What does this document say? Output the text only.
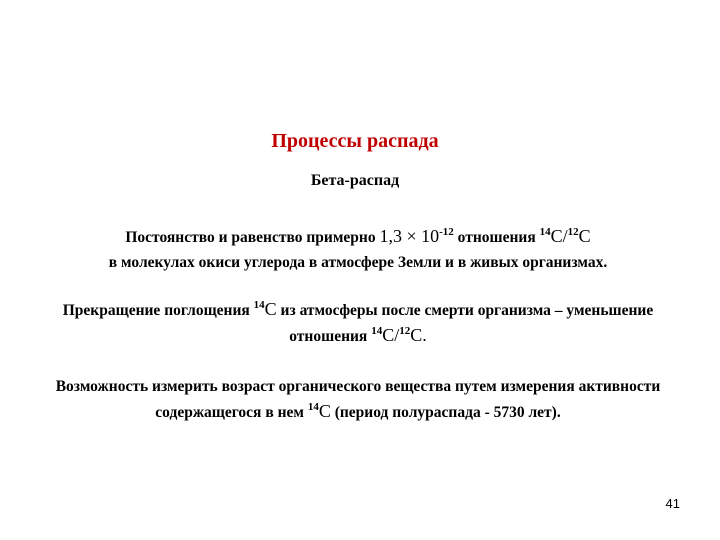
Процессы распада
Бета-распад
Постоянство и равенство примерно $1,3 \times 10^{-12}$ отношения $^{14}$С/$^{12}$С
в молекулах окиси углерода в атмосфере Земли и в живых организмах.
Прекращение поглощения $^{14}$С из атмосферы после смерти организма – уменьшение отношения $^{14}$С/$^{12}$С.
Возможность измерить возраст органического вещества путем измерения активности содержащегося в нем $^{14}$С (период полураспада - 5730 лет).
41
